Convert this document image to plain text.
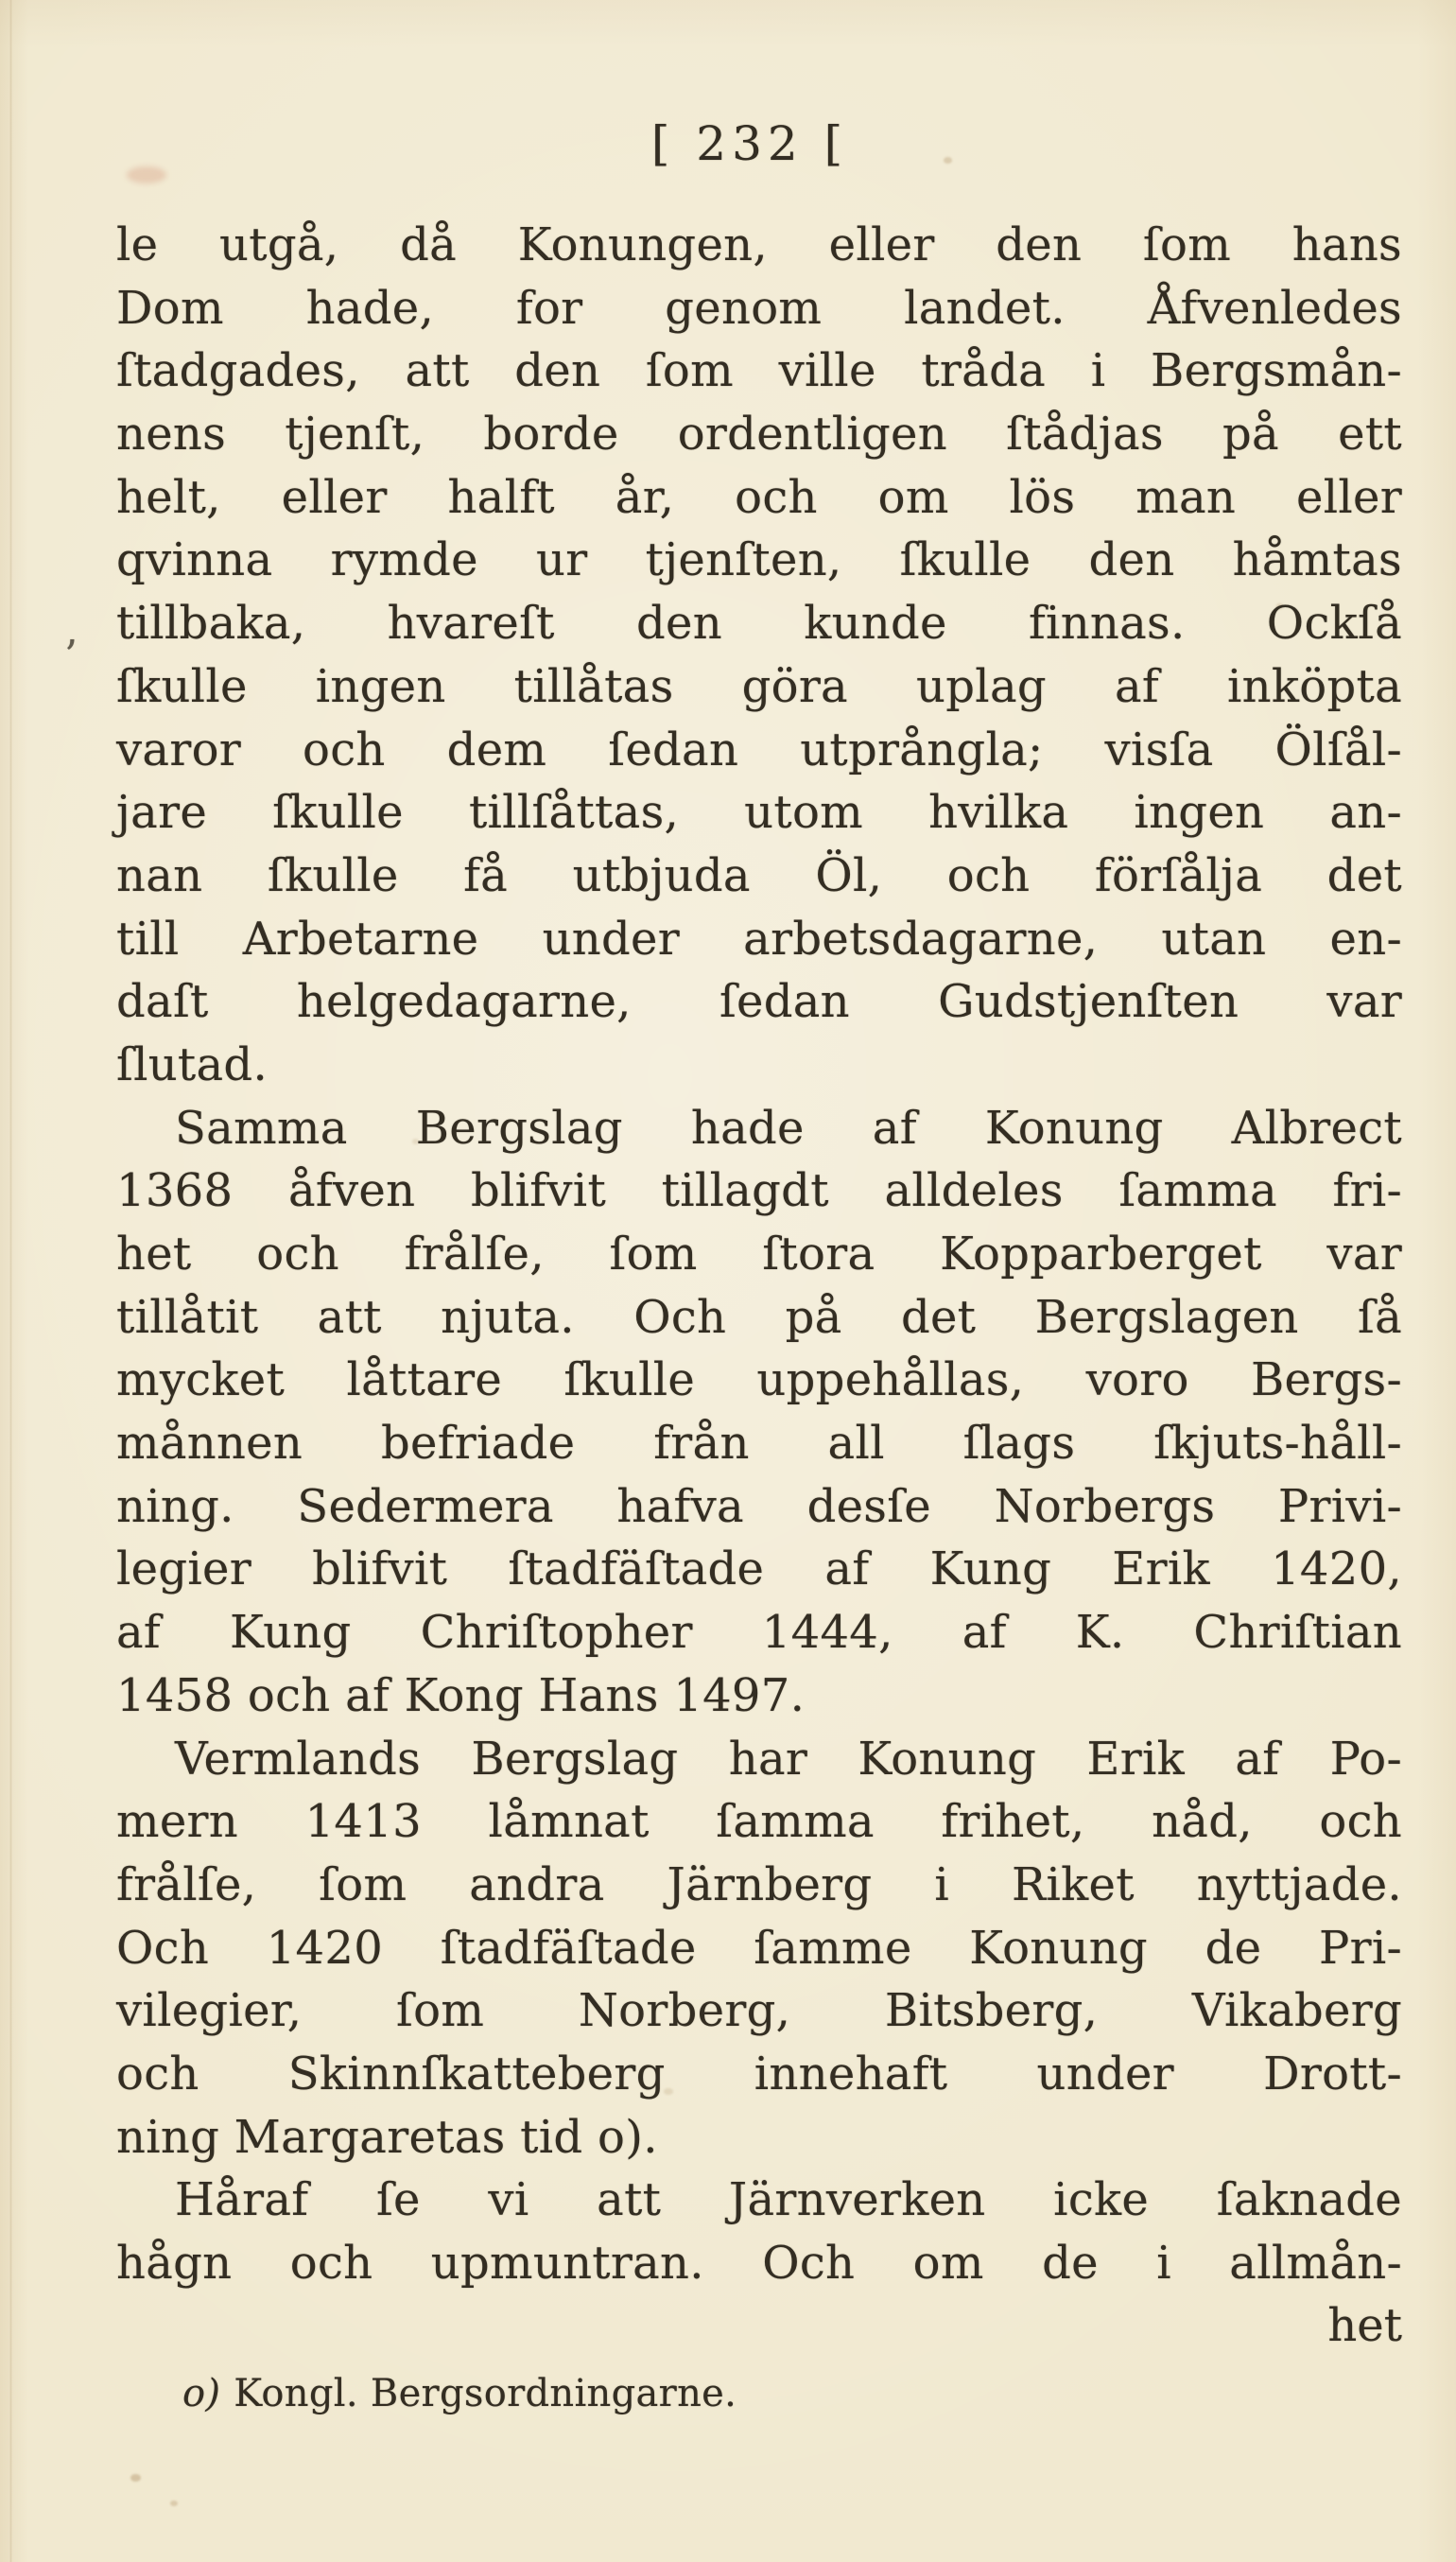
[ 232 [
’
le utgå, då Konungen, eller den ſom hans
Dom hade, for genom landet. Åfvenledes
ſtadgades, att den ſom ville tråda i Bergsmån-
nens tjenſt, borde ordentligen ſtådjas på ett
helt, eller halft år, och om lös man eller
qvinna rymde ur tjenſten, ſkulle den håmtas
tillbaka, hvareſt den kunde finnas. Ockſå
ſkulle ingen tillåtas göra uplag af inköpta
varor och dem ſedan utprångla; visſa Ölſål-
jare ſkulle tillſåttas, utom hvilka ingen an-
nan ſkulle få utbjuda Öl, och förſålja det
till Arbetarne under arbetsdagarne, utan en-
daſt helgedagarne, ſedan Gudstjenſten var
ſlutad.
Samma Bergslag hade af Konung Albrect
1368 åfven blifvit tillagdt alldeles ſamma fri-
het och frålſe, ſom ſtora Kopparberget var
tillåtit att njuta. Och på det Bergslagen ſå
mycket låttare ſkulle uppehållas, voro Bergs-
månnen befriade från all ſlags ſkjuts-håll-
ning. Sedermera hafva desſe Norbergs Privi-
legier blifvit ſtadfäſtade af Kung Erik 1420,
af Kung Chriſtopher 1444, af K. Chriſtian
1458 och af Kong Hans 1497.
Vermlands Bergslag har Konung Erik af Po-
mern 1413 låmnat ſamma frihet, nåd, och
frålſe, ſom andra Järnberg i Riket nyttjade.
Och 1420 ſtadfäſtade ſamme Konung de Pri-
vilegier, ſom Norberg, Bitsberg, Vikaberg
och Skinnſkatteberg innehaft under Drott-
ning Margaretas tid o).
Håraf ſe vi att Järnverken icke ſaknade
hågn och upmuntran. Och om de i allmån-
het
o) Kongl. Bergsordningarne.
